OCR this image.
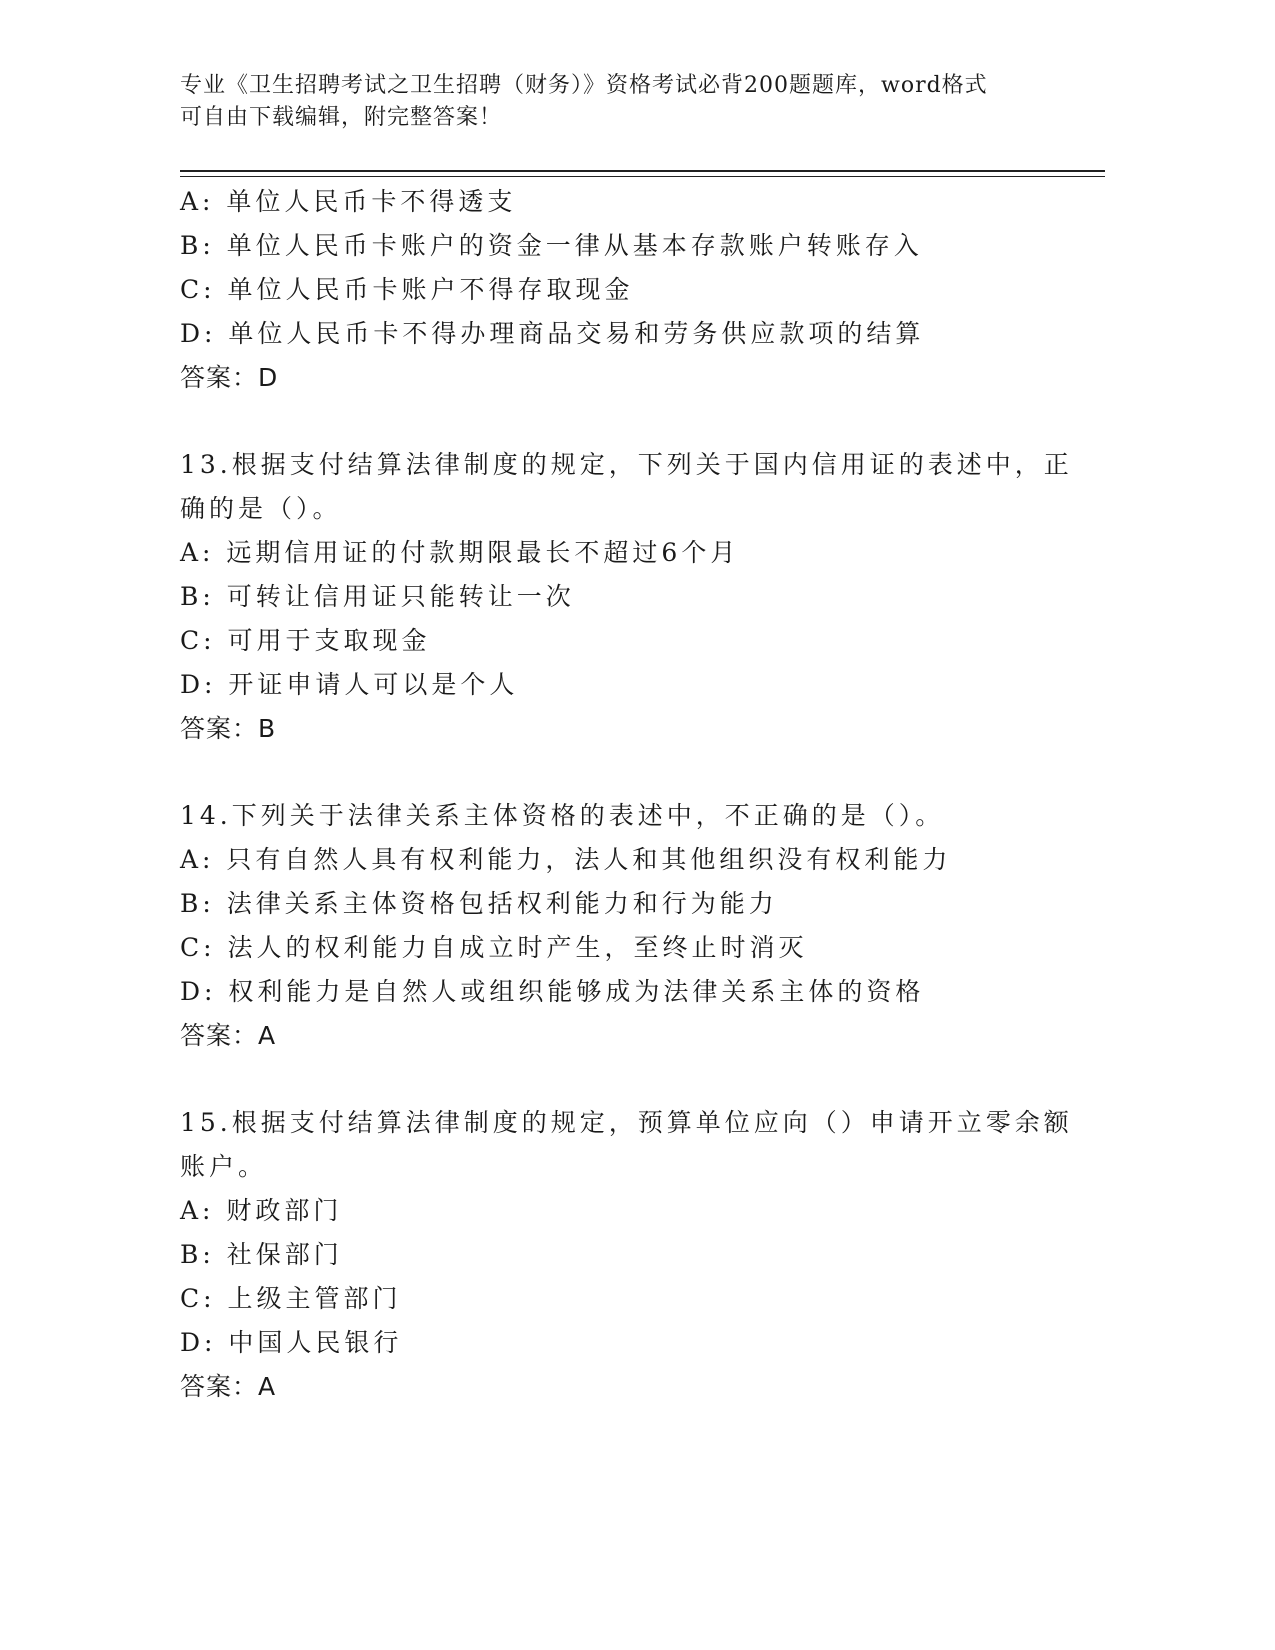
专业《卫生招聘考试之卫生招聘（财务）》资格考试必背200题题库，word格式
可自由下载编辑，附完整答案！
A: 单位人民币卡不得透支
B: 单位人民币卡账户的资金一律从基本存款账户转账存入
C: 单位人民币卡账户不得存取现金
D: 单位人民币卡不得办理商品交易和劳务供应款项的结算
答案：D
13.根据支付结算法律制度的规定，下列关于国内信用证的表述中，正
确的是（）。
A: 远期信用证的付款期限最长不超过6个月
B: 可转让信用证只能转让一次
C: 可用于支取现金
D: 开证申请人可以是个人
答案：B
14.下列关于法律关系主体资格的表述中，不正确的是（）。
A: 只有自然人具有权利能力，法人和其他组织没有权利能力
B: 法律关系主体资格包括权利能力和行为能力
C: 法人的权利能力自成立时产生，至终止时消灭
D: 权利能力是自然人或组织能够成为法律关系主体的资格
答案：A
15.根据支付结算法律制度的规定，预算单位应向（）申请开立零余额
账户。
A: 财政部门
B: 社保部门
C: 上级主管部门
D: 中国人民银行
答案：A
